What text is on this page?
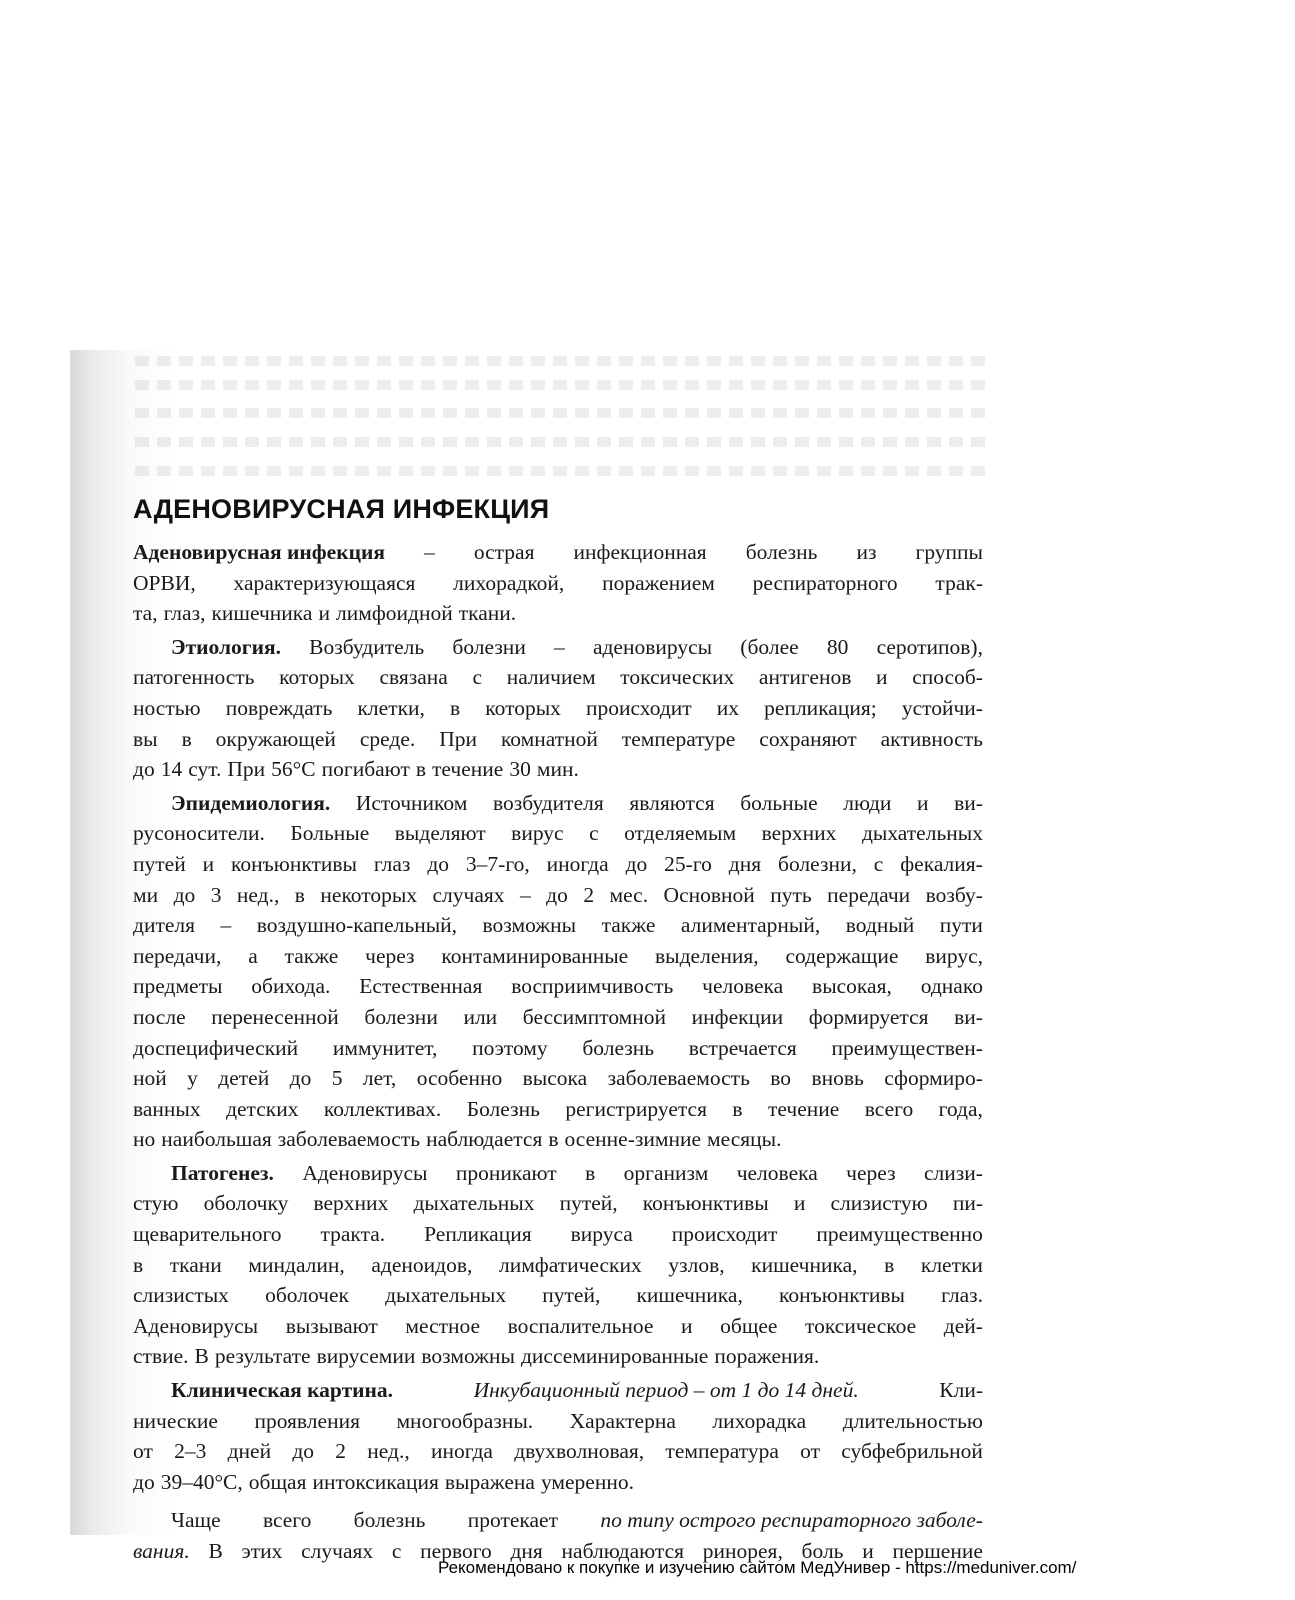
АДЕНОВИРУСНАЯ ИНФЕКЦИЯ
Аденовирусная инфекция – острая инфекционная болезнь из группы
ОРВИ, характеризующаяся лихорадкой, поражением респираторного трак-
та, глаз, кишечника и лимфоидной ткани.
Этиология. Возбудитель болезни – аденовирусы (более 80 серотипов),
патогенность которых связана с наличием токсических антигенов и способ-
ностью повреждать клетки, в которых происходит их репликация; устойчи-
вы в окружающей среде. При комнатной температуре сохраняют активность
до 14 сут. При 56°С погибают в течение 30 мин.
Эпидемиология. Источником возбудителя являются больные люди и ви-
русоносители. Больные выделяют вирус с отделяемым верхних дыхательных
путей и конъюнктивы глаз до 3–7-го, иногда до 25-го дня болезни, с фекалия-
ми до 3 нед., в некоторых случаях – до 2 мес. Основной путь передачи возбу-
дителя – воздушно-капельный, возможны также алиментарный, водный пути
передачи, а также через контаминированные выделения, содержащие вирус,
предметы обихода. Естественная восприимчивость человека высокая, однако
после перенесенной болезни или бессимптомной инфекции формируется ви-
доспецифический иммунитет, поэтому болезнь встречается преимуществен-
ной у детей до 5 лет, особенно высока заболеваемость во вновь сформиро-
ванных детских коллективах. Болезнь регистрируется в течение всего года,
но наибольшая заболеваемость наблюдается в осенне-зимние месяцы.
Патогенез. Аденовирусы проникают в организм человека через слизи-
стую оболочку верхних дыхательных путей, конъюнктивы и слизистую пи-
щеварительного тракта. Репликация вируса происходит преимущественно
в ткани миндалин, аденоидов, лимфатических узлов, кишечника, в клетки
слизистых оболочек дыхательных путей, кишечника, конъюнктивы глаз.
Аденовирусы вызывают местное воспалительное и общее токсическое дей-
ствие. В результате вирусемии возможны диссеминированные поражения.
Клиническая картина.	Инкубационный период – от 1 до 14 дней.	Кли-
нические проявления многообразны. Характерна лихорадка длительностью
от 2–3 дней до 2 нед., иногда двухволновая, температура от субфебрильной
до 39–40°С, общая интоксикация выражена умеренно.
Чаще всего болезнь протекает по типу острого респираторного заболе-
вания. В этих случаях с первого дня наблюдаются ринорея, боль и першение

Рекомендовано к покупке и изучению сайтом МедУнивер - https://meduniver.com/
